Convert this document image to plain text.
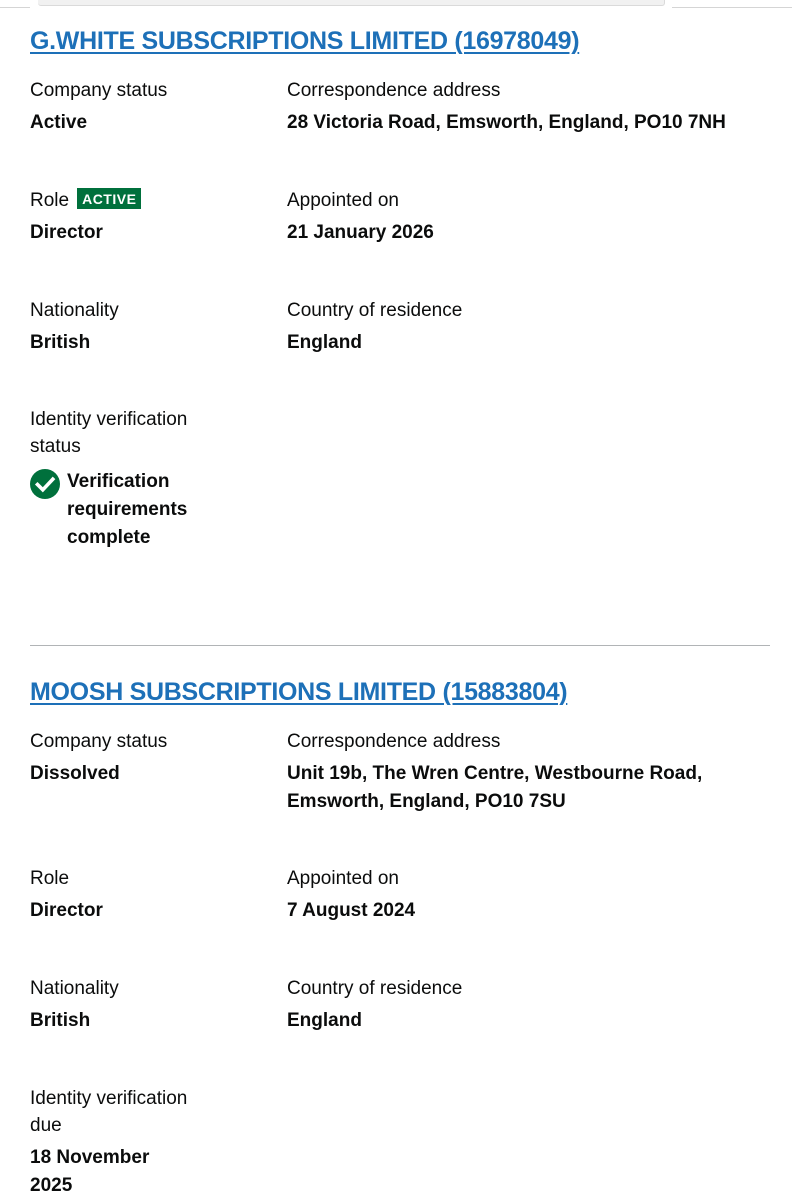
G.WHITE SUBSCRIPTIONS LIMITED (16978049)
Company status
Active
Correspondence address
28 Victoria Road, Emsworth, England, PO10 7NH
Role ACTIVE
Director
Appointed on
21 January 2026
Nationality
British
Country of residence
England
Identity verification status
Verification requirements complete
MOOSH SUBSCRIPTIONS LIMITED (15883804)
Company status
Dissolved
Correspondence address
Unit 19b, The Wren Centre, Westbourne Road, Emsworth, England, PO10 7SU
Role
Director
Appointed on
7 August 2024
Nationality
British
Country of residence
England
Identity verification due
18 November 2025
